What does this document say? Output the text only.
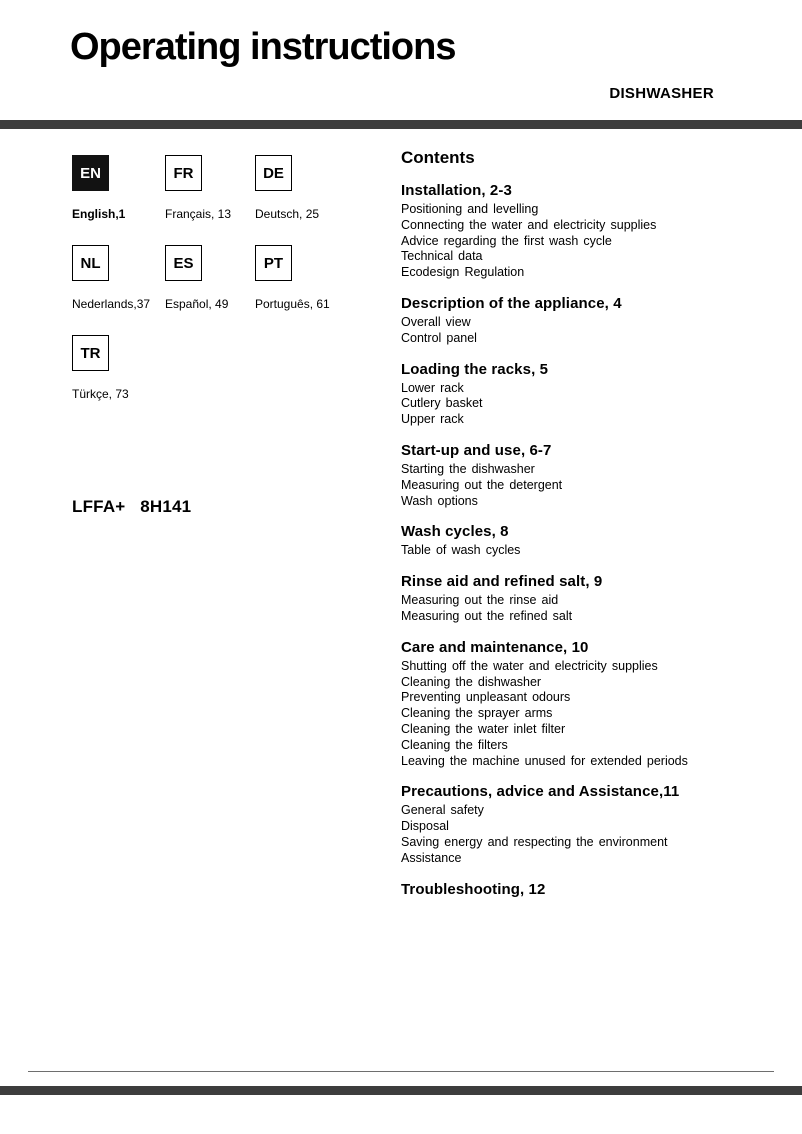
Operating instructions
DISHWASHER
EN
English,1
FR
Français, 13
DE
Deutsch, 25
NL
Nederlands,37
ES
Español, 49
PT
Português, 61
TR
Türkçe, 73
LFFA+   8H141
Contents
Installation, 2-3
Positioning and levelling
Connecting the water and electricity supplies
Advice regarding the first wash cycle
Technical data
Ecodesign Regulation
Description of the appliance, 4
Overall view
Control panel
Loading the racks, 5
Lower rack
Cutlery basket
Upper rack
Start-up and use, 6-7
Starting the dishwasher
Measuring out the detergent
Wash options
Wash cycles, 8
Table of wash cycles
Rinse aid and refined salt, 9
Measuring out the rinse aid
Measuring out the refined salt
Care and maintenance, 10
Shutting off the water and electricity supplies
Cleaning the dishwasher
Preventing unpleasant odours
Cleaning the sprayer arms
Cleaning the water inlet filter
Cleaning the filters
Leaving the machine unused for extended periods
Precautions, advice and Assistance,11
General safety
Disposal
Saving energy and respecting the environment
Assistance
Troubleshooting, 12
